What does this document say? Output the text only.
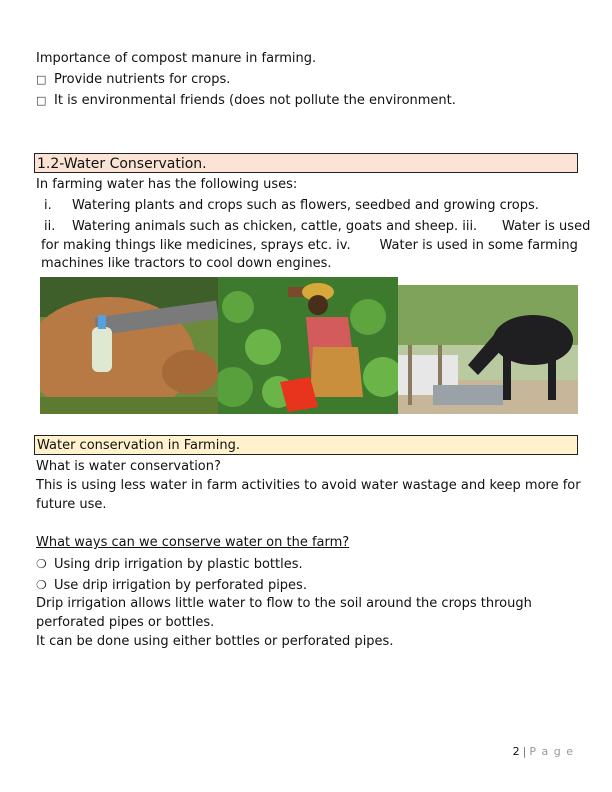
Importance of compost manure in farming.
□ Provide nutrients for crops.
□ It is environmental friends (does not pollute the environment.
1.2-Water Conservation.
In farming water has the following uses:
i. Watering plants and crops such as flowers, seedbed and growing crops.
ii. Watering animals such as chicken, cattle, goats and sheep. iii.      Water is used
for making things like medicines, sprays etc. iv.       Water is used in some farming
machines like tractors to cool down engines.
Water conservation in Farming.
What is water conservation?
This is using less water in farm activities to avoid water wastage and keep more for
future use.
What ways can we conserve water on the farm?
❍ Using drip irrigation by plastic bottles.
❍ Use drip irrigation by perforated pipes.
Drip irrigation allows little water to flow to the soil around the crops through
perforated pipes or bottles.
It can be done using either bottles or perforated pipes.
2 | P a g e
